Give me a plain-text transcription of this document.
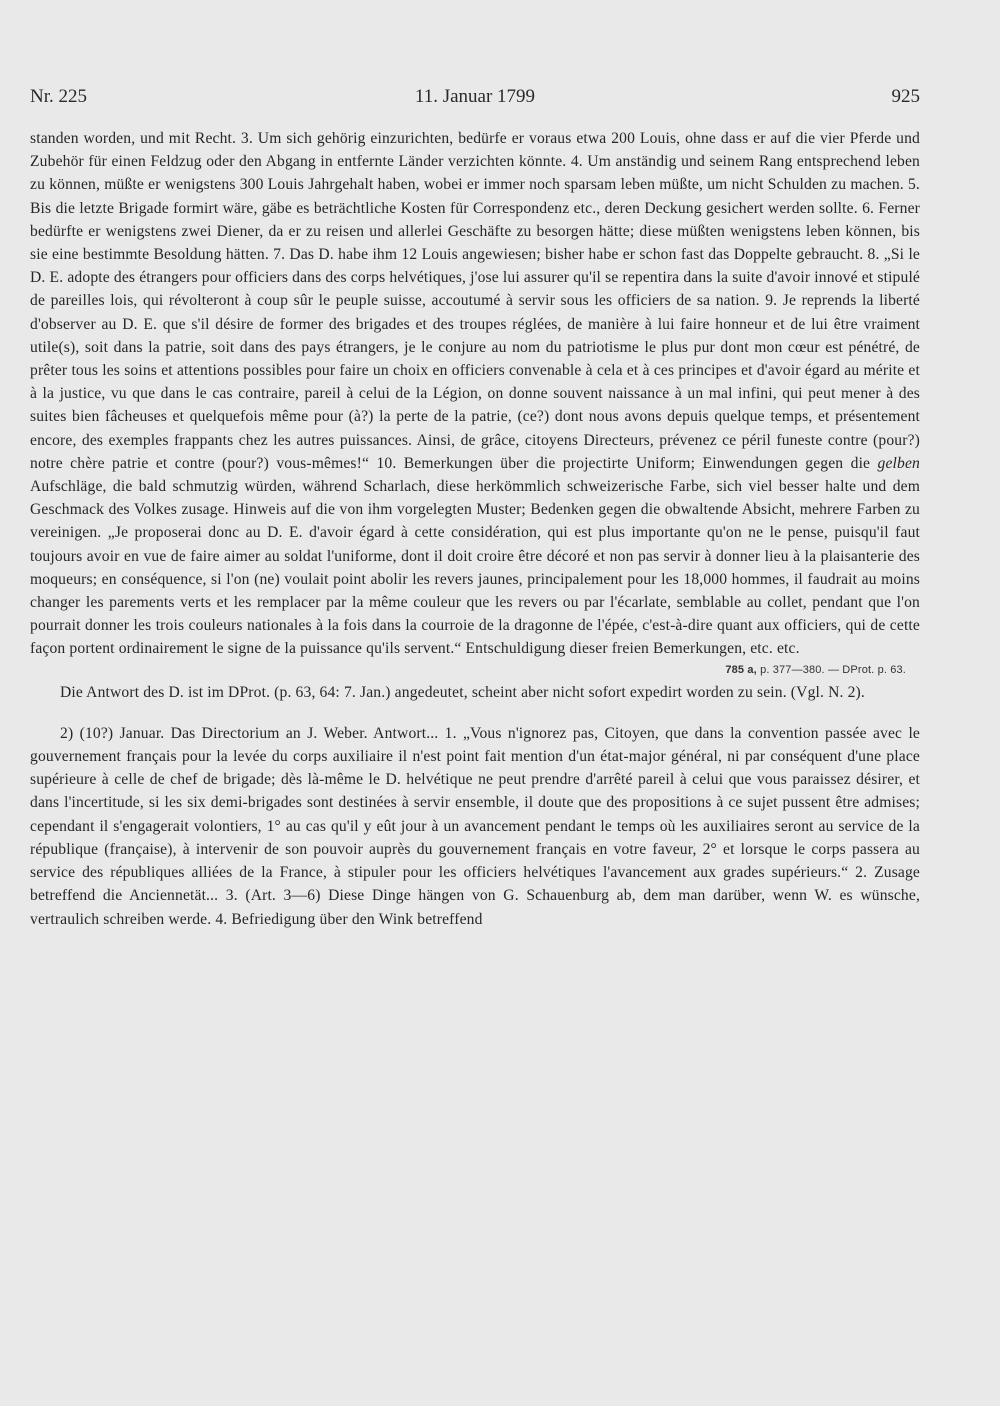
Nr. 225	11. Januar 1799	925

standen worden, und mit Recht. 3. Um sich gehörig einzurichten, bedürfe er voraus etwa 200 Louis, ohne dass er auf die vier Pferde und Zubehör für einen Feldzug oder den Abgang in entfernte Länder verzichten könnte. 4. Um anständig und seinem Rang entsprechend leben zu können, müßte er wenigstens 300 Louis Jahrgehalt haben, wobei er immer noch sparsam leben müßte, um nicht Schulden zu machen. 5. Bis die letzte Brigade formirt wäre, gäbe es beträchtliche Kosten für Correspondenz etc., deren Deckung gesichert werden sollte. 6. Ferner bedürfte er wenigstens zwei Diener, da er zu reisen und allerlei Geschäfte zu besorgen hätte; diese müßten wenigstens leben können, bis sie eine bestimmte Besoldung hätten. 7. Das D. habe ihm 12 Louis angewiesen; bisher habe er schon fast das Doppelte gebraucht. 8. „Si le D. E. adopte des étrangers pour officiers dans des corps helvétiques, j'ose lui assurer qu'il se repentira dans la suite d'avoir innové et stipulé de pareilles lois, qui révolteront à coup sûr le peuple suisse, accoutumé à servir sous les officiers de sa nation. 9. Je reprends la liberté d'observer au D. E. que s'il désire de former des brigades et des troupes réglées, de manière à lui faire honneur et de lui être vraiment utile(s), soit dans la patrie, soit dans des pays étrangers, je le conjure au nom du patriotisme le plus pur dont mon cœur est pénétré, de prêter tous les soins et attentions possibles pour faire un choix en officiers convenable à cela et à ces principes et d'avoir égard au mérite et à la justice, vu que dans le cas contraire, pareil à celui de la Légion, on donne souvent naissance à un mal infini, qui peut mener à des suites bien fâcheuses et quelquefois même pour (à?) la perte de la patrie, (ce?) dont nous avons depuis quelque temps, et présentement encore, des exemples frappants chez les autres puissances. Ainsi, de grâce, citoyens Directeurs, prévenez ce péril funeste contre (pour?) notre chère patrie et contre (pour?) vous-mêmes!“ 10. Bemerkungen über die projectirte Uniform; Einwendungen gegen die gelben Aufschläge, die bald schmutzig würden, während Scharlach, diese herkömmlich schweizerische Farbe, sich viel besser halte und dem Geschmack des Volkes zusage. Hinweis auf die von ihm vorgelegten Muster; Bedenken gegen die obwaltende Absicht, mehrere Farben zu vereinigen. „Je proposerai donc au D. E. d'avoir égard à cette considération, qui est plus importante qu'on ne le pense, puisqu'il faut toujours avoir en vue de faire aimer au soldat l'uniforme, dont il doit croire être décoré et non pas servir à donner lieu à la plaisanterie des moqueurs; en conséquence, si l'on (ne) voulait point abolir les revers jaunes, principalement pour les 18,000 hommes, il faudrait au moins changer les parements verts et les remplacer par la même couleur que les revers ou par l'écarlate, semblable au collet, pendant que l'on pourrait donner les trois couleurs nationales à la fois dans la courroie de la dragonne de l'épée, c'est-à-dire quant aux officiers, qui de cette façon portent ordinairement le signe de la puissance qu'ils servent.“ Entschuldigung dieser freien Bemerkungen, etc. etc.

785 a, p. 377—380. — DProt. p. 63.

Die Antwort des D. ist im DProt. (p. 63, 64: 7. Jan.) angedeutet, scheint aber nicht sofort expedirt worden zu sein. (Vgl. N. 2).

2) (10?) Januar. Das Directorium an J. Weber. Antwort... 1. „Vous n'ignorez pas, Citoyen, que dans la convention passée avec le gouvernement français pour la levée du corps auxiliaire il n'est point fait mention d'un état-major général, ni par conséquent d'une place supérieure à celle de chef de brigade; dès là-même le D. helvétique ne peut prendre d'arrêté pareil à celui que vous paraissez désirer, et dans l'incertitude, si les six demi-brigades sont destinées à servir ensemble, il doute que des propositions à ce sujet pussent être admises; cependant il s'engagerait volontiers, 1° au cas qu'il y eût jour à un avancement pendant le temps où les auxiliaires seront au service de la république (française), à intervenir de son pouvoir auprès du gouvernement français en votre faveur, 2° et lorsque le corps passera au service des républiques alliées de la France, à stipuler pour les officiers helvétiques l'avancement aux grades supérieurs.“ 2. Zusage betreffend die Anciennetät... 3. (Art. 3—6) Diese Dinge hängen von G. Schauenburg ab, dem man darüber, wenn W. es wünsche, vertraulich schreiben werde. 4. Befriedigung über den Wink betreffend
